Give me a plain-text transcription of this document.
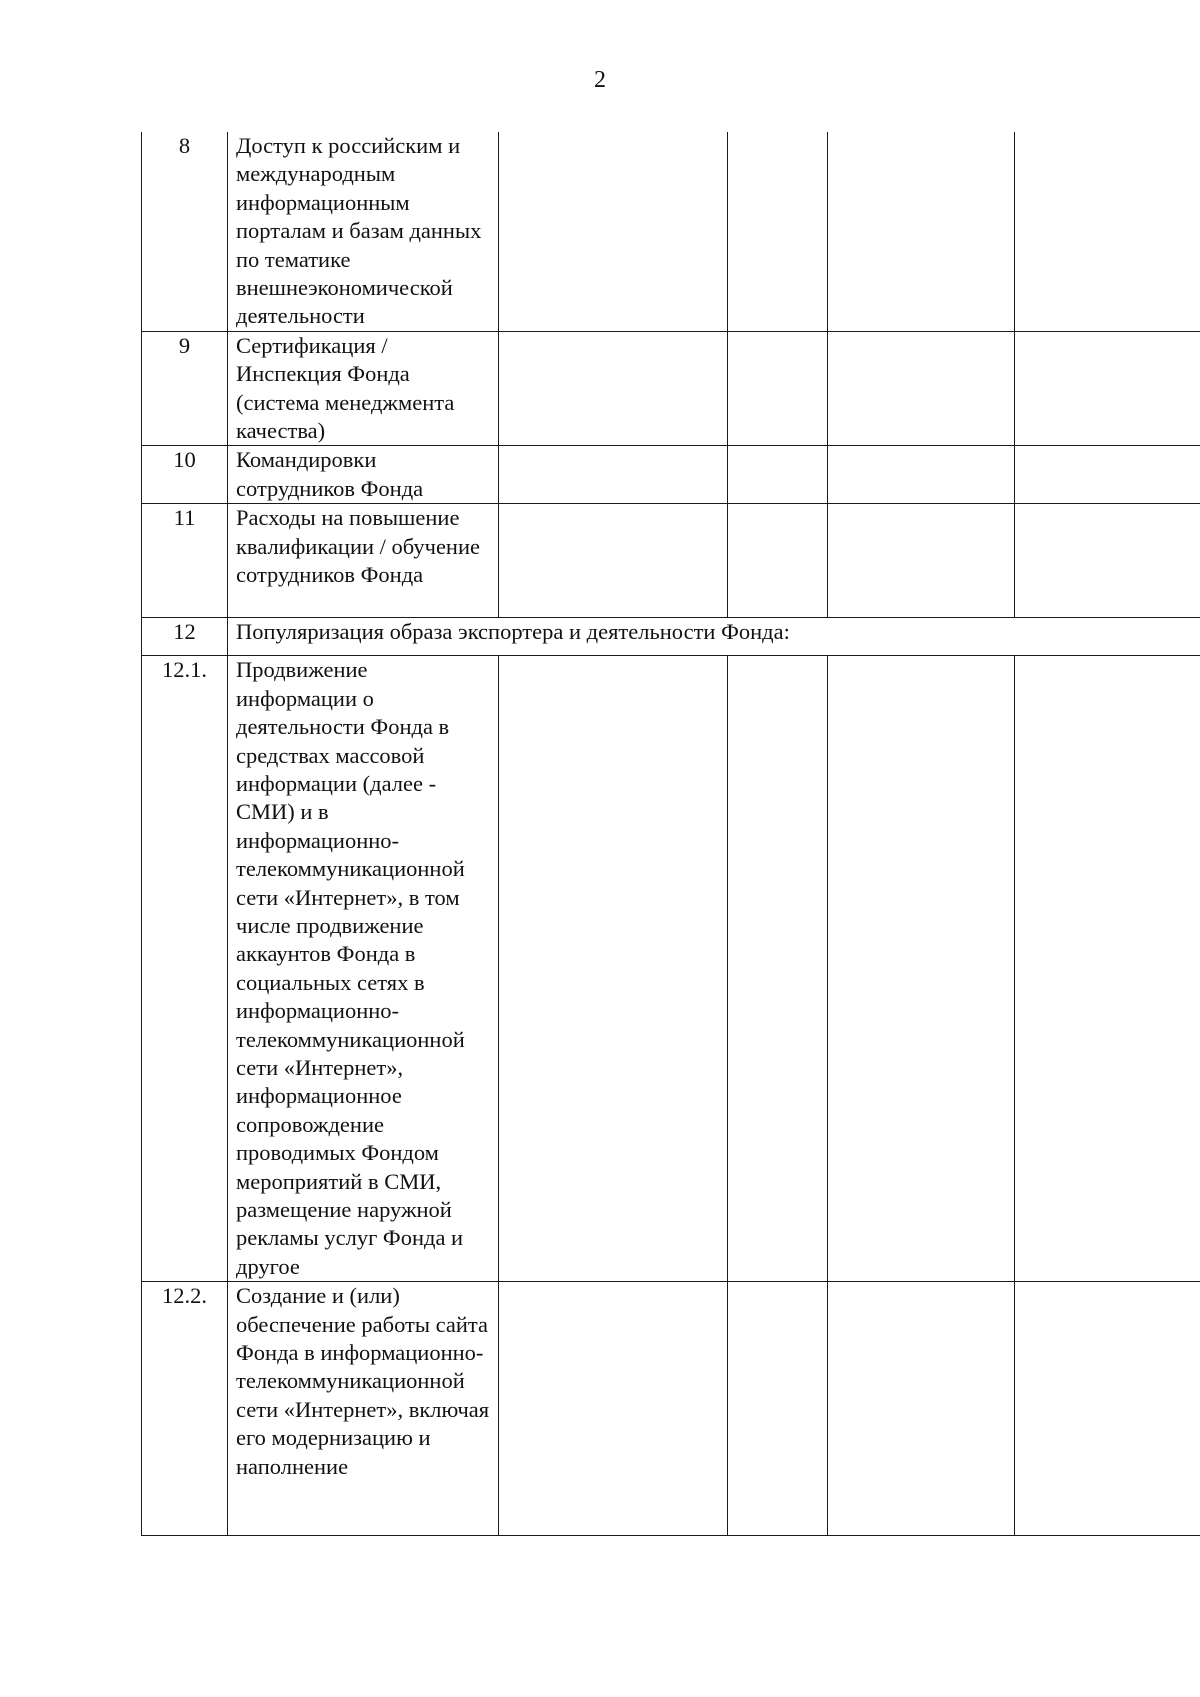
2
8	Доступ к российским и международным информационным порталам и базам данных по тематике внешнеэкономической деятельности				
9	Сертификация / Инспекция Фонда (система менеджмента качества)				
10	Командировки сотрудников Фонда				
11	Расходы на повышение квалификации / обучение сотрудников Фонда				
12	Популяризация образа экспортера и деятельности Фонда:				
12.1.	Продвижение информации о деятельности Фонда в средствах массовой информации (далее - СМИ) и в информационно-телекоммуникационной сети «Интернет», в том числе продвижение аккаунтов Фонда в социальных сетях в информационно-телекоммуникационной сети «Интернет», информационное сопровождение проводимых Фондом мероприятий в СМИ, размещение наружной рекламы услуг Фонда и другое				
12.2.	Создание и (или) обеспечение работы сайта Фонда в информационно-телекоммуникационной сети «Интернет», включая его модернизацию и наполнение				
